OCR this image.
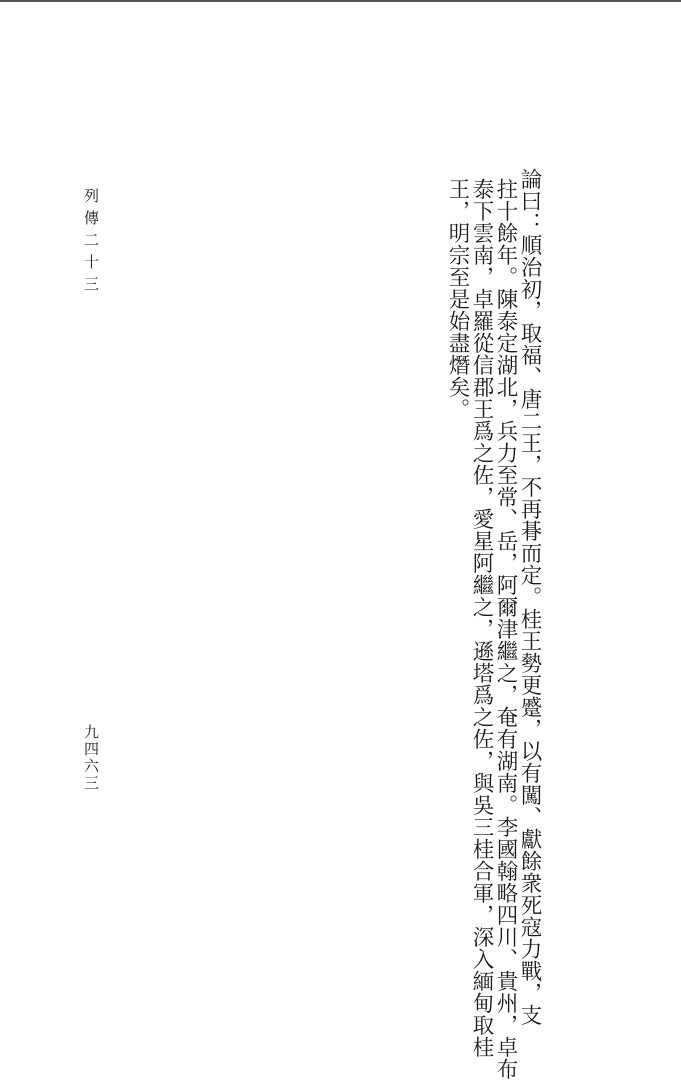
列傳二十三
九四六三	論曰：順治初，取福、唐二王，不再朞而定。桂王勢更蹙，以有闖、獻餘衆死寇力戰，支
拄十餘年。陳泰定湖北，兵力至常、岳，阿爾津繼之，奄有湖南。李國翰略四川、貴州，卓布
泰下雲南，卓羅從信郡王爲之佐，愛星阿繼之，遜塔爲之佐，與吳三桂合軍，深入緬甸取桂
王，明宗至是始盡熸矣。
